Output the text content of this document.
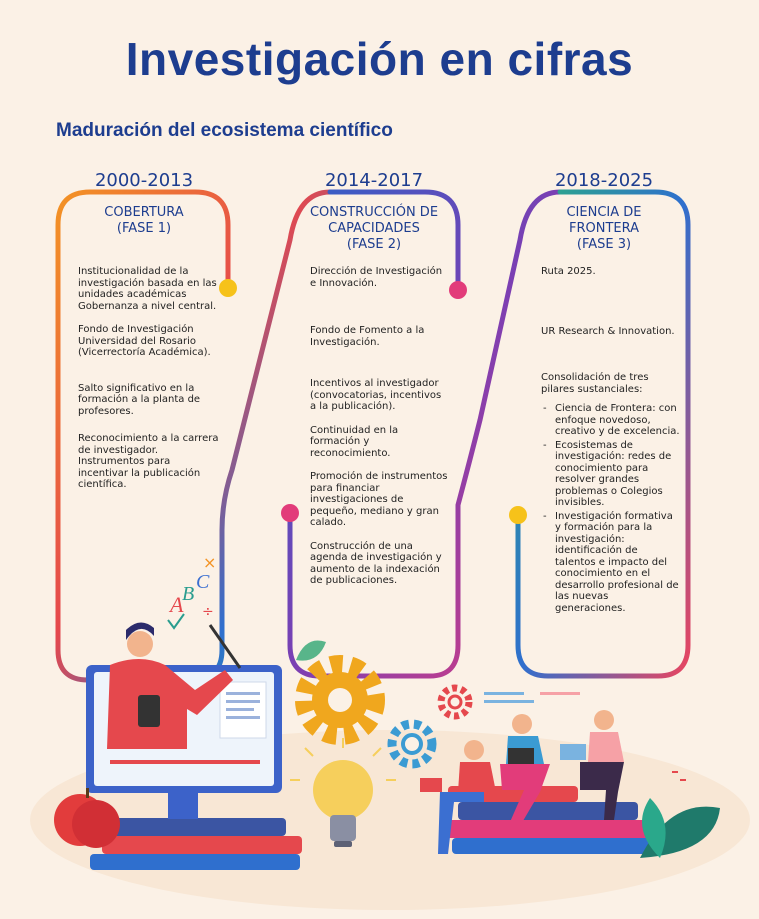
A
B
C
×
÷
Investigación en cifras
Maduración del ecosistema científico
2000-2013	2014-2017	2018-2025
COBERTURA
(FASE 1)
CONSTRUCCIÓN DE
CAPACIDADES
(FASE 2)
CIENCIA DE
FRONTERA
(FASE 3)

Institucionalidad de la investigación basada en las unidades académicas Gobernanza a nivel central.

Fondo de Investigación Universidad del Rosario (Vicerrectoría Académica).

Salto significativo en la formación a la planta de profesores.

Reconocimiento a la carrera de investigador. Instrumentos para incentivar la publicación científica.

Dirección de Investigación e Innovación.

Fondo de Fomento a la Investigación.

Incentivos al investigador (convocatorias, incentivos a la publicación).

Continuidad en la formación y reconocimiento.

Promoción de instrumentos para financiar investigaciones de pequeño, mediano y gran calado.

Construcción de una agenda de investigación y aumento de la indexación de publicaciones.

Ruta 2025.

UR Research & Innovation.

Consolidación de tres pilares sustanciales:

- Ciencia de Frontera: con enfoque novedoso, creativo y de excelencia.
- Ecosistemas de investigación: redes de conocimiento para resolver grandes problemas o Colegios invisibles.
- Investigación formativa y formación para la investigación: identificación de talentos e impacto del conocimiento en el desarrollo profesional de las nuevas generaciones.
